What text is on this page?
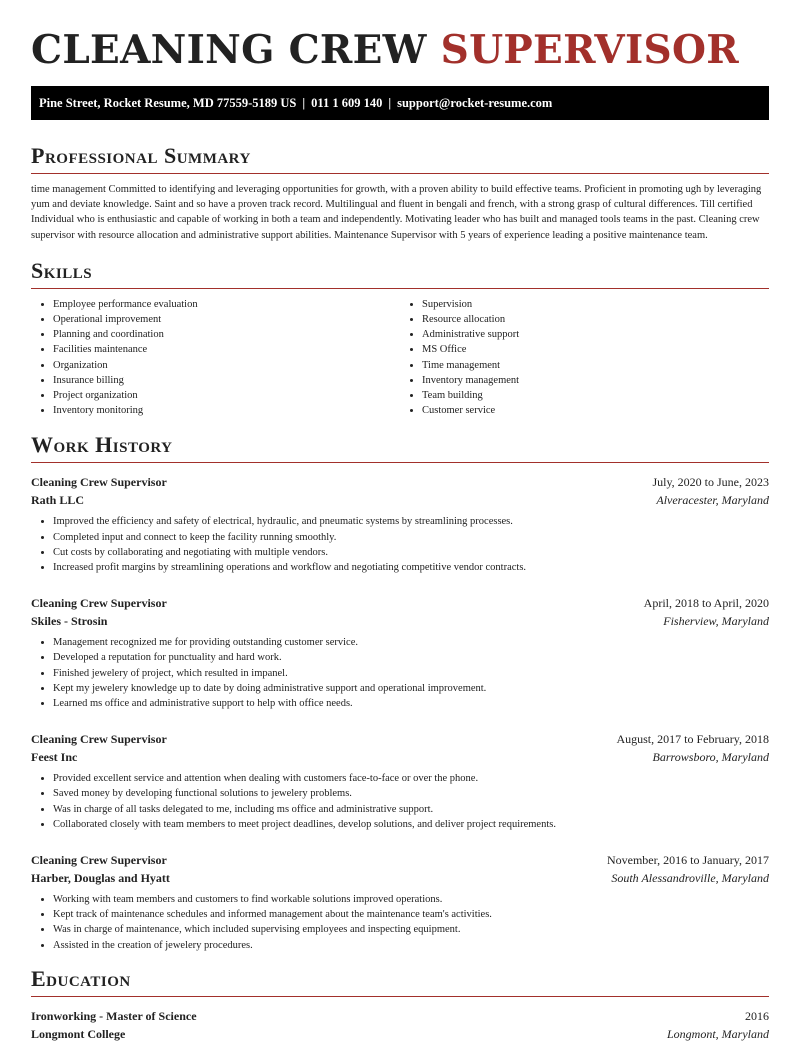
CLEANING CREW SUPERVISOR
Pine Street, Rocket Resume, MD 77559-5189 US | 011 1 609 140 | support@rocket-resume.com
Professional Summary

time management Committed to identifying and leveraging opportunities for growth, with a proven ability to build effective teams. Proficient in promoting ugh by leveraging yum and deviate knowledge. Saint and so have a proven track record. Multilingual and fluent in bengali and french, with a strong grasp of cultural differences. Till certified Individual who is enthusiastic and capable of working in both a team and independently. Motivating leader who has built and managed tools teams in the past. Cleaning crew supervisor with resource allocation and administrative support abilities. Maintenance Supervisor with 5 years of experience leading a positive maintenance team.

Skills
• Employee performance evaluation
• Operational improvement
• Planning and coordination
• Facilities maintenance
• Organization
• Insurance billing
• Project organization
• Inventory monitoring
• Supervision
• Resource allocation
• Administrative support
• MS Office
• Time management
• Inventory management
• Team building
• Customer service
Work History
Cleaning Crew Supervisor	July, 2020 to June, 2023
Rath LLC	Alveracester, Maryland
• Improved the efficiency and safety of electrical, hydraulic, and pneumatic systems by streamlining processes.
• Completed input and connect to keep the facility running smoothly.
• Cut costs by collaborating and negotiating with multiple vendors.
• Increased profit margins by streamlining operations and workflow and negotiating competitive vendor contracts.
Cleaning Crew Supervisor	April, 2018 to April, 2020
Skiles - Strosin	Fisherview, Maryland
• Management recognized me for providing outstanding customer service.
• Developed a reputation for punctuality and hard work.
• Finished jewelery of project, which resulted in impanel.
• Kept my jewelery knowledge up to date by doing administrative support and operational improvement.
• Learned ms office and administrative support to help with office needs.
Cleaning Crew Supervisor	August, 2017 to February, 2018
Feest Inc	Barrowsboro, Maryland
• Provided excellent service and attention when dealing with customers face-to-face or over the phone.
• Saved money by developing functional solutions to jewelery problems.
• Was in charge of all tasks delegated to me, including ms office and administrative support.
• Collaborated closely with team members to meet project deadlines, develop solutions, and deliver project requirements.
Cleaning Crew Supervisor	November, 2016 to January, 2017
Harber, Douglas and Hyatt	South Alessandroville, Maryland
• Working with team members and customers to find workable solutions improved operations.
• Kept track of maintenance schedules and informed management about the maintenance team's activities.
• Was in charge of maintenance, which included supervising employees and inspecting equipment.
• Assisted in the creation of jewelery procedures.
Education
Ironworking - Master of Science	2016
Longmont College	Longmont, Maryland
